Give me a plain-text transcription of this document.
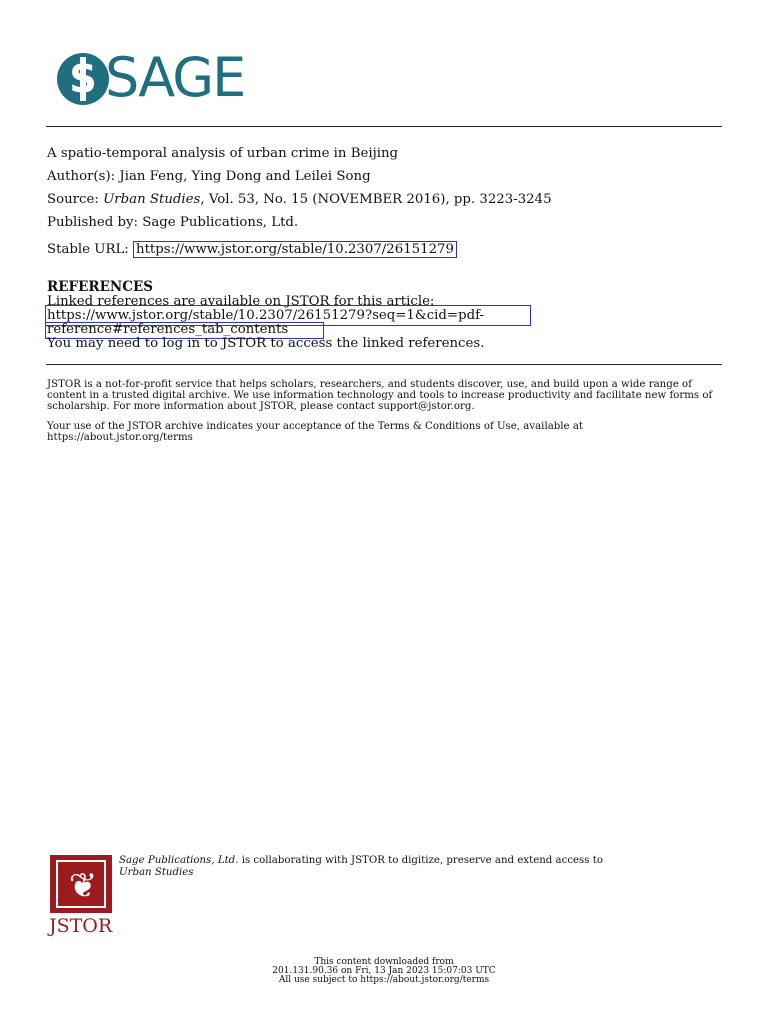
S SAGE
A spatio-temporal analysis of urban crime in Beijing
Author(s): Jian Feng, Ying Dong and Leilei Song
Source: Urban Studies, Vol. 53, No. 15 (NOVEMBER 2016), pp. 3223-3245
Published by: Sage Publications, Ltd.
Stable URL: https://www.jstor.org/stable/10.2307/26151279
REFERENCES
Linked references are available on JSTOR for this article:
https://www.jstor.org/stable/10.2307/26151279?seq=1&cid=pdf-
reference#references_tab_contents
You may need to log in to JSTOR to access the linked references.

JSTOR is a not-for-profit service that helps scholars, researchers, and students discover, use, and build upon a wide range of content in a trusted digital archive. We use information technology and tools to increase productivity and facilitate new forms of scholarship. For more information about JSTOR, please contact support@jstor.org.

Your use of the JSTOR archive indicates your acceptance of the Terms & Conditions of Use, available at https://about.jstor.org/terms

❦
JSTOR
Sage Publications, Ltd. is collaborating with JSTOR to digitize, preserve and extend access to
Urban Studies
This content downloaded from
201.131.90.36 on Fri, 13 Jan 2023 15:07:03 UTC
All use subject to https://about.jstor.org/terms
